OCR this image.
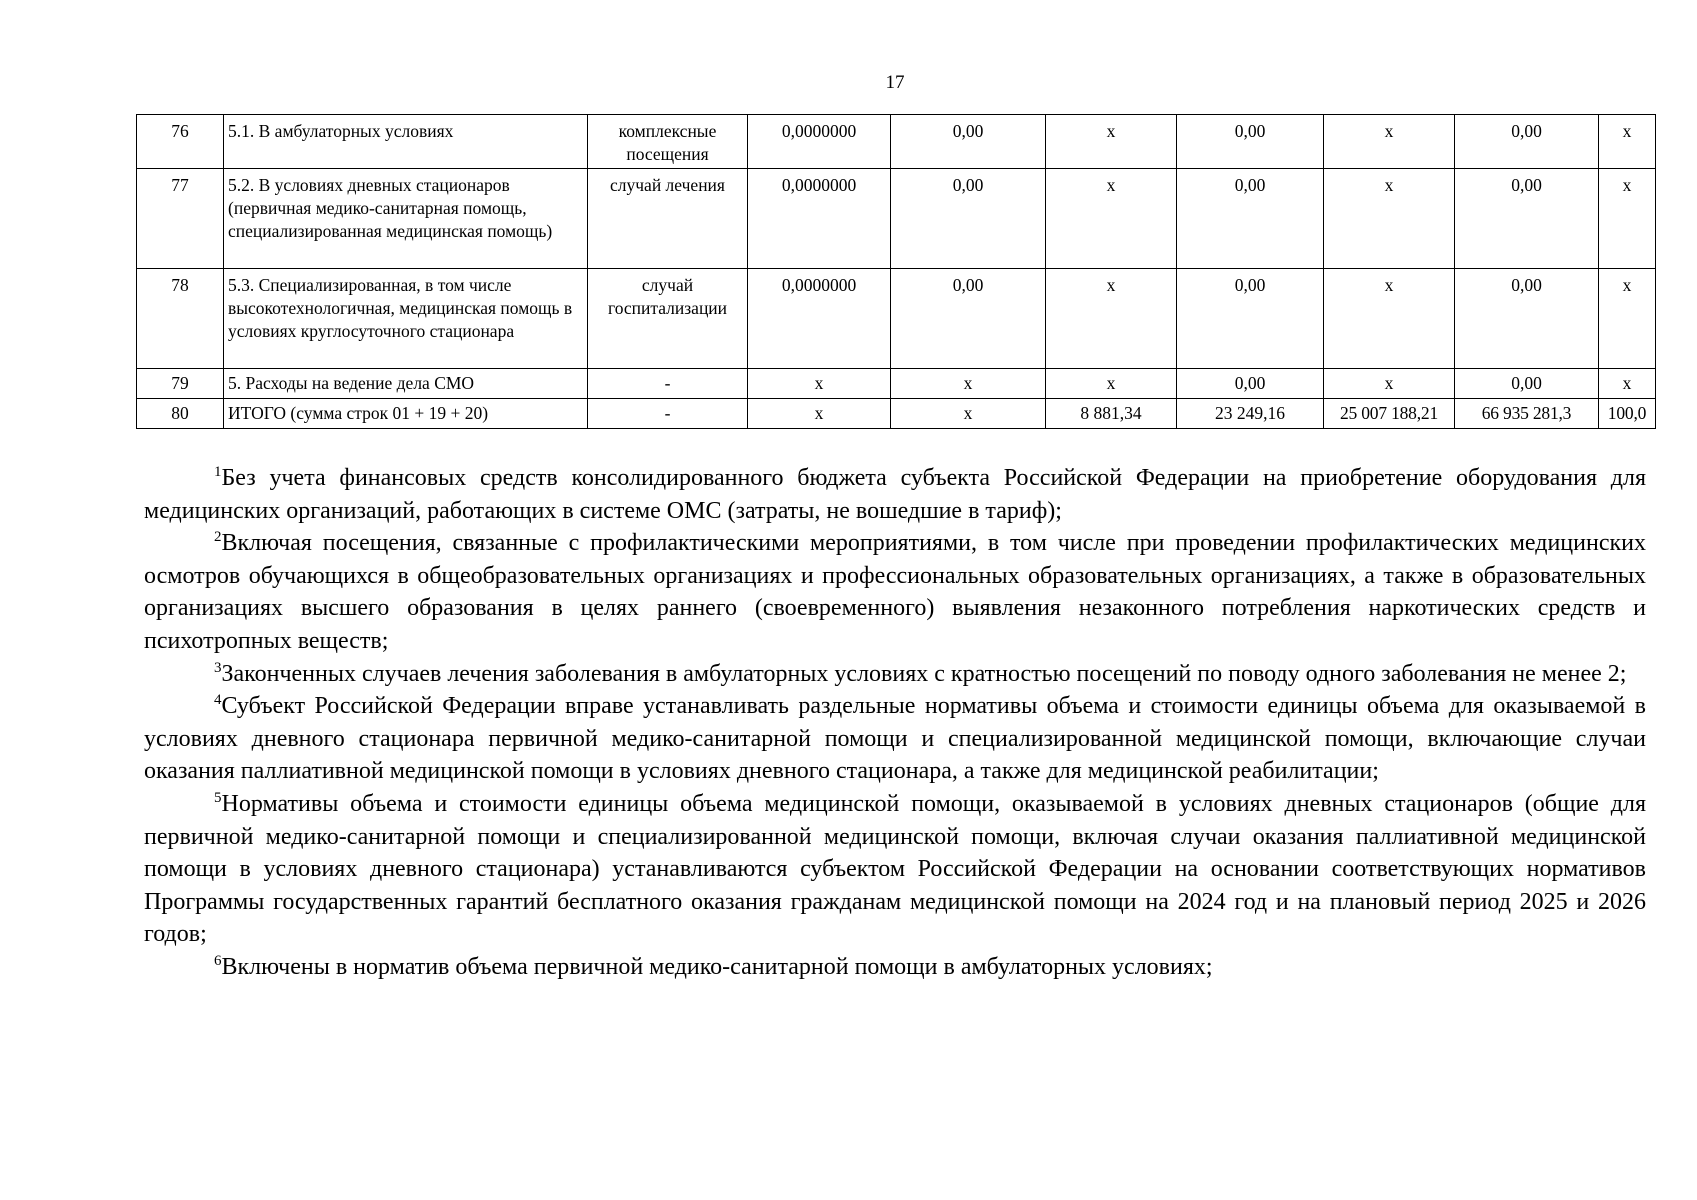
17
76	5.1. В амбулаторных условиях	комплексные посещения	0,0000000	0,00	х	0,00	х	0,00	х
77	5.2. В условиях дневных стационаров (первичная медико-санитарная помощь, специализированная медицинская помощь)	случай лечения	0,0000000	0,00	х	0,00	х	0,00	х
78	5.3. Специализированная, в том числе высокотехнологичная, медицинская помощь в условиях круглосуточного стационара	случай госпитализации	0,0000000	0,00	х	0,00	х	0,00	х
79	5. Расходы на ведение дела СМО	-	х	х	х	0,00	х	0,00	х
80	ИТОГО (сумма строк 01 + 19 + 20)	-	х	х	8 881,34	23 249,16	25 007 188,21	66 935 281,3	100,0

$^1$Без учета финансовых средств консолидированного бюджета субъекта Российской Федерации на приобретение оборудования для медицинских организаций, работающих в системе ОМС (затраты, не вошедшие в тариф);

$^2$Включая посещения, связанные с профилактическими мероприятиями, в том числе при проведении профилактических медицинских осмотров обучающихся в общеобразовательных организациях и профессиональных образовательных организациях, а также в образовательных организациях высшего образования в целях раннего (своевременного) выявления незаконного потребления наркотических средств и психотропных веществ;

$^3$Законченных случаев лечения заболевания в амбулаторных условиях с кратностью посещений по поводу одного заболевания не менее 2;

$^4$Субъект Российской Федерации вправе устанавливать раздельные нормативы объема и стоимости единицы объема для оказываемой в условиях дневного стационара первичной медико-санитарной помощи и специализированной медицинской помощи, включающие случаи оказания паллиативной медицинской помощи в условиях дневного стационара, а также для медицинской реабилитации;

$^5$Нормативы объема и стоимости единицы объема медицинской помощи, оказываемой в условиях дневных стационаров (общие для первичной медико-санитарной помощи и специализированной медицинской помощи, включая случаи оказания паллиативной медицинской помощи в условиях дневного стационара) устанавливаются субъектом Российской Федерации на основании соответствующих нормативов Программы государственных гарантий бесплатного оказания гражданам медицинской помощи на 2024 год и на плановый период 2025 и 2026 годов;

$^6$Включены в норматив объема первичной медико-санитарной помощи в амбулаторных условиях;
